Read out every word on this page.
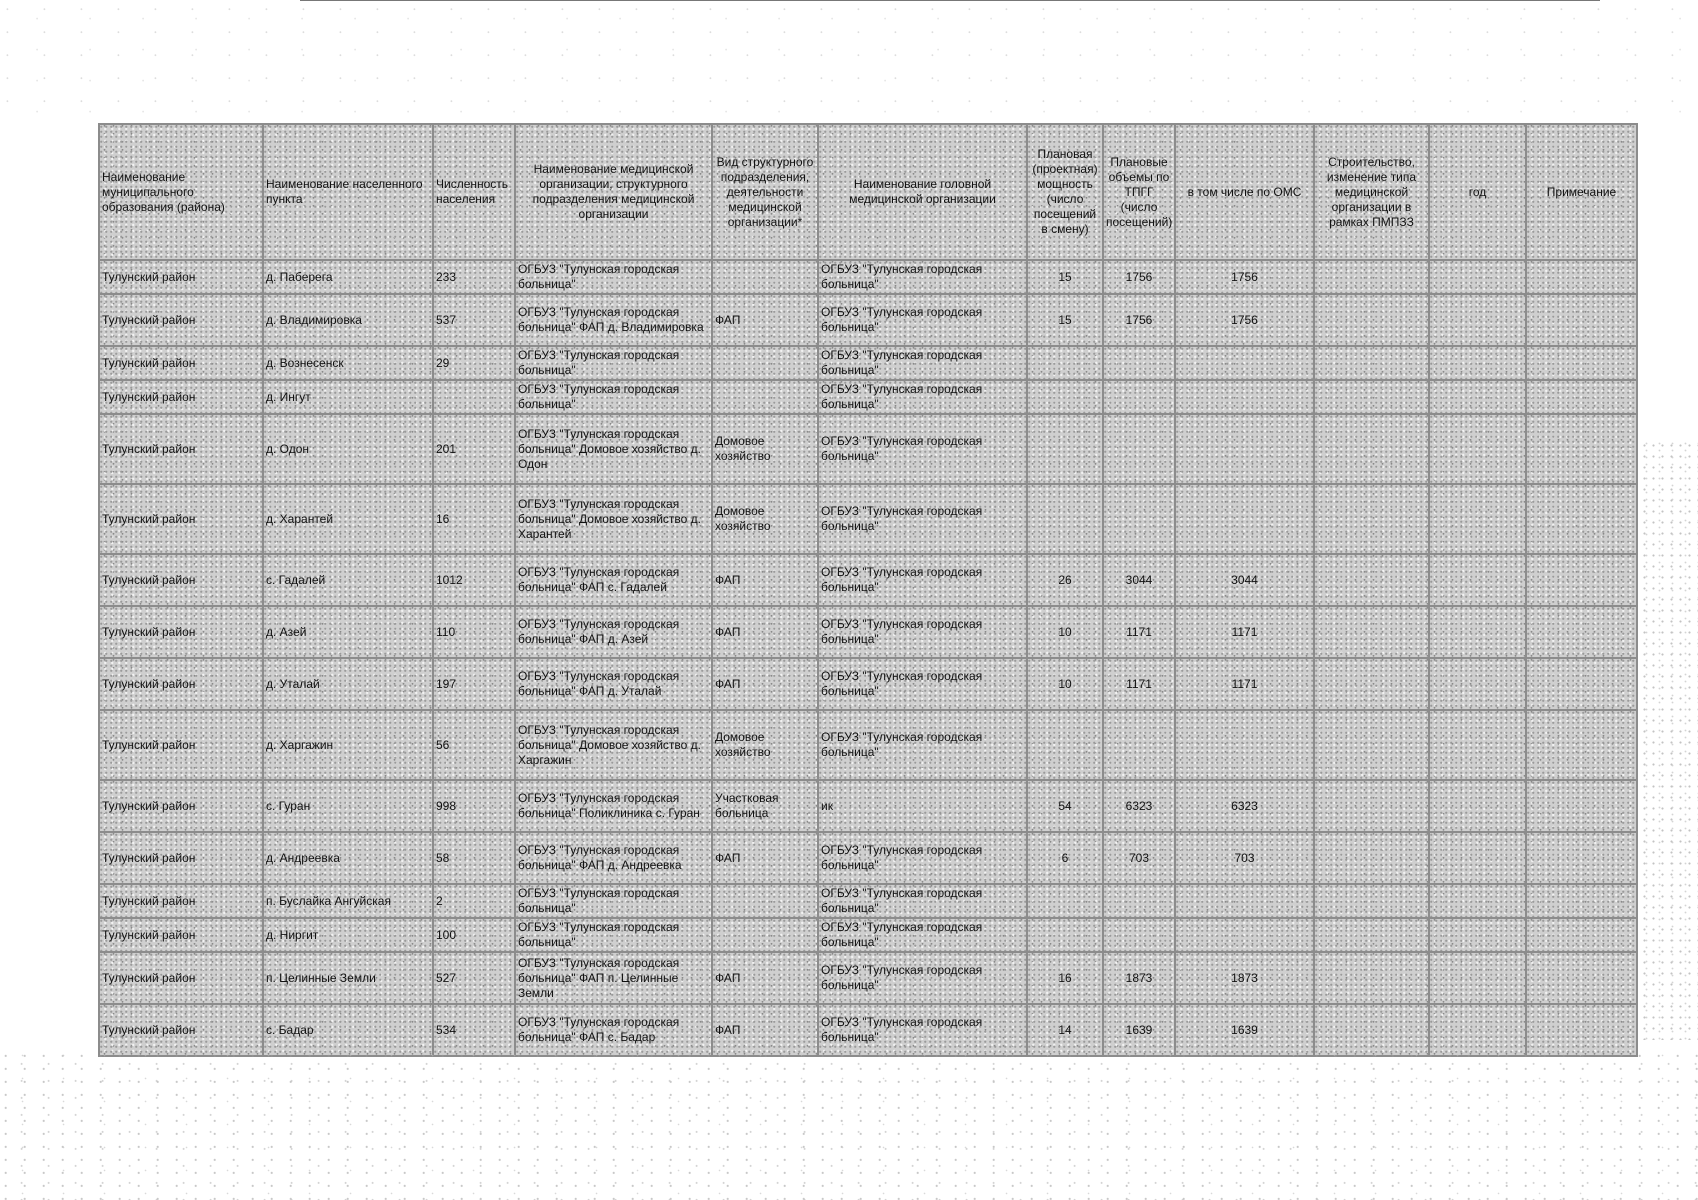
Наименование муниципального образования (района)	Наименование населенного пункта	Численность населения	Наименование медицинской организации, структурного подразделения медицинской организации	Вид структурного подразделения, деятельности медицинской организации*	Наименование головной медицинской организации	Плановая (проектная) мощность (число посещений в смену)	Плановые объемы по ТПГГ (число посещений)	в том числе по ОМС	Строительство, изменение типа медицинской организации в рамках ПМПЗЗ	год	Примечание
Тулунский район	д. Паберега	233	ОГБУЗ "Тулунская городская больница"		ОГБУЗ "Тулунская городская больница"	15	1756	1756			
Тулунский район	д. Владимировка	537	ОГБУЗ "Тулунская городская больница" ФАП д. Владимировка	ФАП	ОГБУЗ "Тулунская городская больница"	15	1756	1756			
Тулунский район	д. Вознесенск	29	ОГБУЗ "Тулунская городская больница"		ОГБУЗ "Тулунская городская больница"						
Тулунский район	д. Ингут		ОГБУЗ "Тулунская городская больница"		ОГБУЗ "Тулунская городская больница"						
Тулунский район	д. Одон	201	ОГБУЗ "Тулунская городская больница" Домовое хозяйство д. Одон	Домовое хозяйство	ОГБУЗ "Тулунская городская больница"						
Тулунский район	д. Харантей	16	ОГБУЗ "Тулунская городская больница" Домовое хозяйство д. Харантей	Домовое хозяйство	ОГБУЗ "Тулунская городская больница"						
Тулунский район	с. Гадалей	1012	ОГБУЗ "Тулунская городская больница" ФАП с. Гадалей	ФАП	ОГБУЗ "Тулунская городская больница"	26	3044	3044			
Тулунский район	д. Азей	110	ОГБУЗ "Тулунская городская больница" ФАП д. Азей	ФАП	ОГБУЗ "Тулунская городская больница"	10	1171	1171			
Тулунский район	д. Уталай	197	ОГБУЗ "Тулунская городская больница" ФАП д. Уталай	ФАП	ОГБУЗ "Тулунская городская больница"	10	1171	1171			
Тулунский район	д. Харгажин	56	ОГБУЗ "Тулунская городская больница" Домовое хозяйство д. Харгажин	Домовое хозяйство	ОГБУЗ "Тулунская городская больница"						
Тулунский район	с. Гуран	998	ОГБУЗ "Тулунская городская больница" Поликлиника с. Гуран	Участковая больница	ик	54	6323	6323			
Тулунский район	д. Андреевка	58	ОГБУЗ "Тулунская городская больница" ФАП д. Андреевка	ФАП	ОГБУЗ "Тулунская городская больница"	6	703	703			
Тулунский район	п. Буслайка Ангуйская	2	ОГБУЗ "Тулунская городская больница"		ОГБУЗ "Тулунская городская больница"						
Тулунский район	д. Ниргит	100	ОГБУЗ "Тулунская городская больница"		ОГБУЗ "Тулунская городская больница"						
Тулунский район	п. Целинные Земли	527	ОГБУЗ "Тулунская городская больница" ФАП п. Целинные Земли	ФАП	ОГБУЗ "Тулунская городская больница"	16	1873	1873			
Тулунский район	с. Бадар	534	ОГБУЗ "Тулунская городская больница" ФАП с. Бадар	ФАП	ОГБУЗ "Тулунская городская больница"	14	1639	1639			
